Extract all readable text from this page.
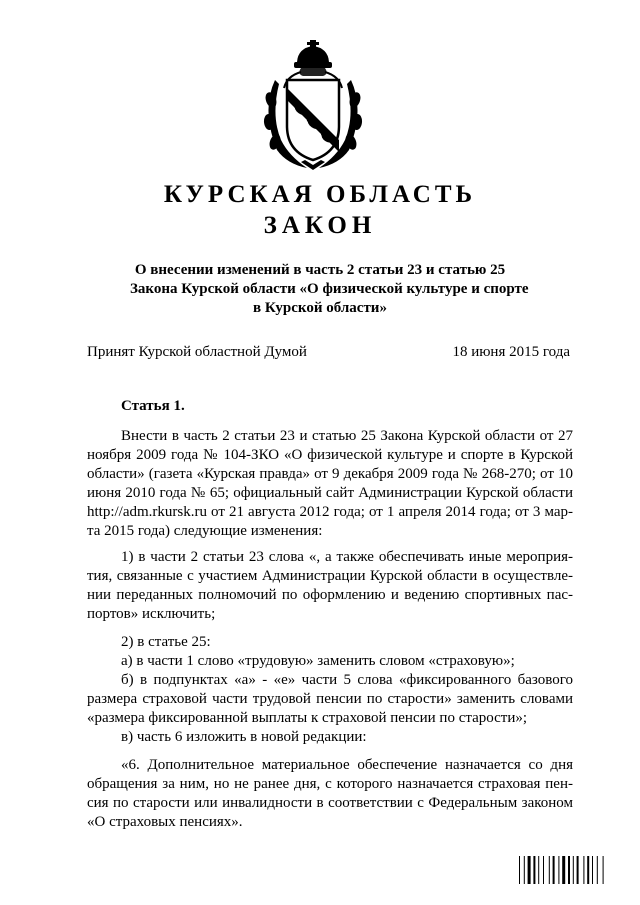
КУРСКАЯ ОБЛАСТЬ
ЗАКОН
О внесении изменений в часть 2 статьи 23 и статью 25
Закона Курской области «О физической культуре и спорте
в Курской области»
Принят Курской областной Думой	18 июня 2015 года
Статья 1.
Внести в часть 2 статьи 23 и статью 25 Закона Курской области от 27
ноября 2009 года № 104-ЗКО «О физической культуре и спорте в Курской
области» (газета «Курская правда» от 9 декабря 2009 года № 268-270; от 10
июня 2010 года № 65; официальный сайт Администрации Курской области
http://adm.rkursk.ru от 21 августа 2012 года; от 1 апреля 2014 года; от 3 мар-
та 2015 года) следующие изменения:
1) в части 2 статьи 23 слова «, а также обеспечивать иные мероприя-
тия, связанные с участием Администрации Курской области в осуществле-
нии переданных полномочий по оформлению и ведению спортивных пас-
портов» исключить;
2) в статье 25:
а) в части 1 слово «трудовую» заменить словом «страховую»;
б) в подпунктах «а» - «е» части 5 слова «фиксированного базового
размера страховой части трудовой пенсии по старости» заменить словами
«размера фиксированной выплаты к страховой пенсии по старости»;
в) часть 6 изложить в новой редакции:
«6. Дополнительное материальное обеспечение назначается со дня
обращения за ним, но не ранее дня, с которого назначается страховая пен-
сия по старости или инвалидности в соответствии с Федеральным законом
«О страховых пенсиях».
